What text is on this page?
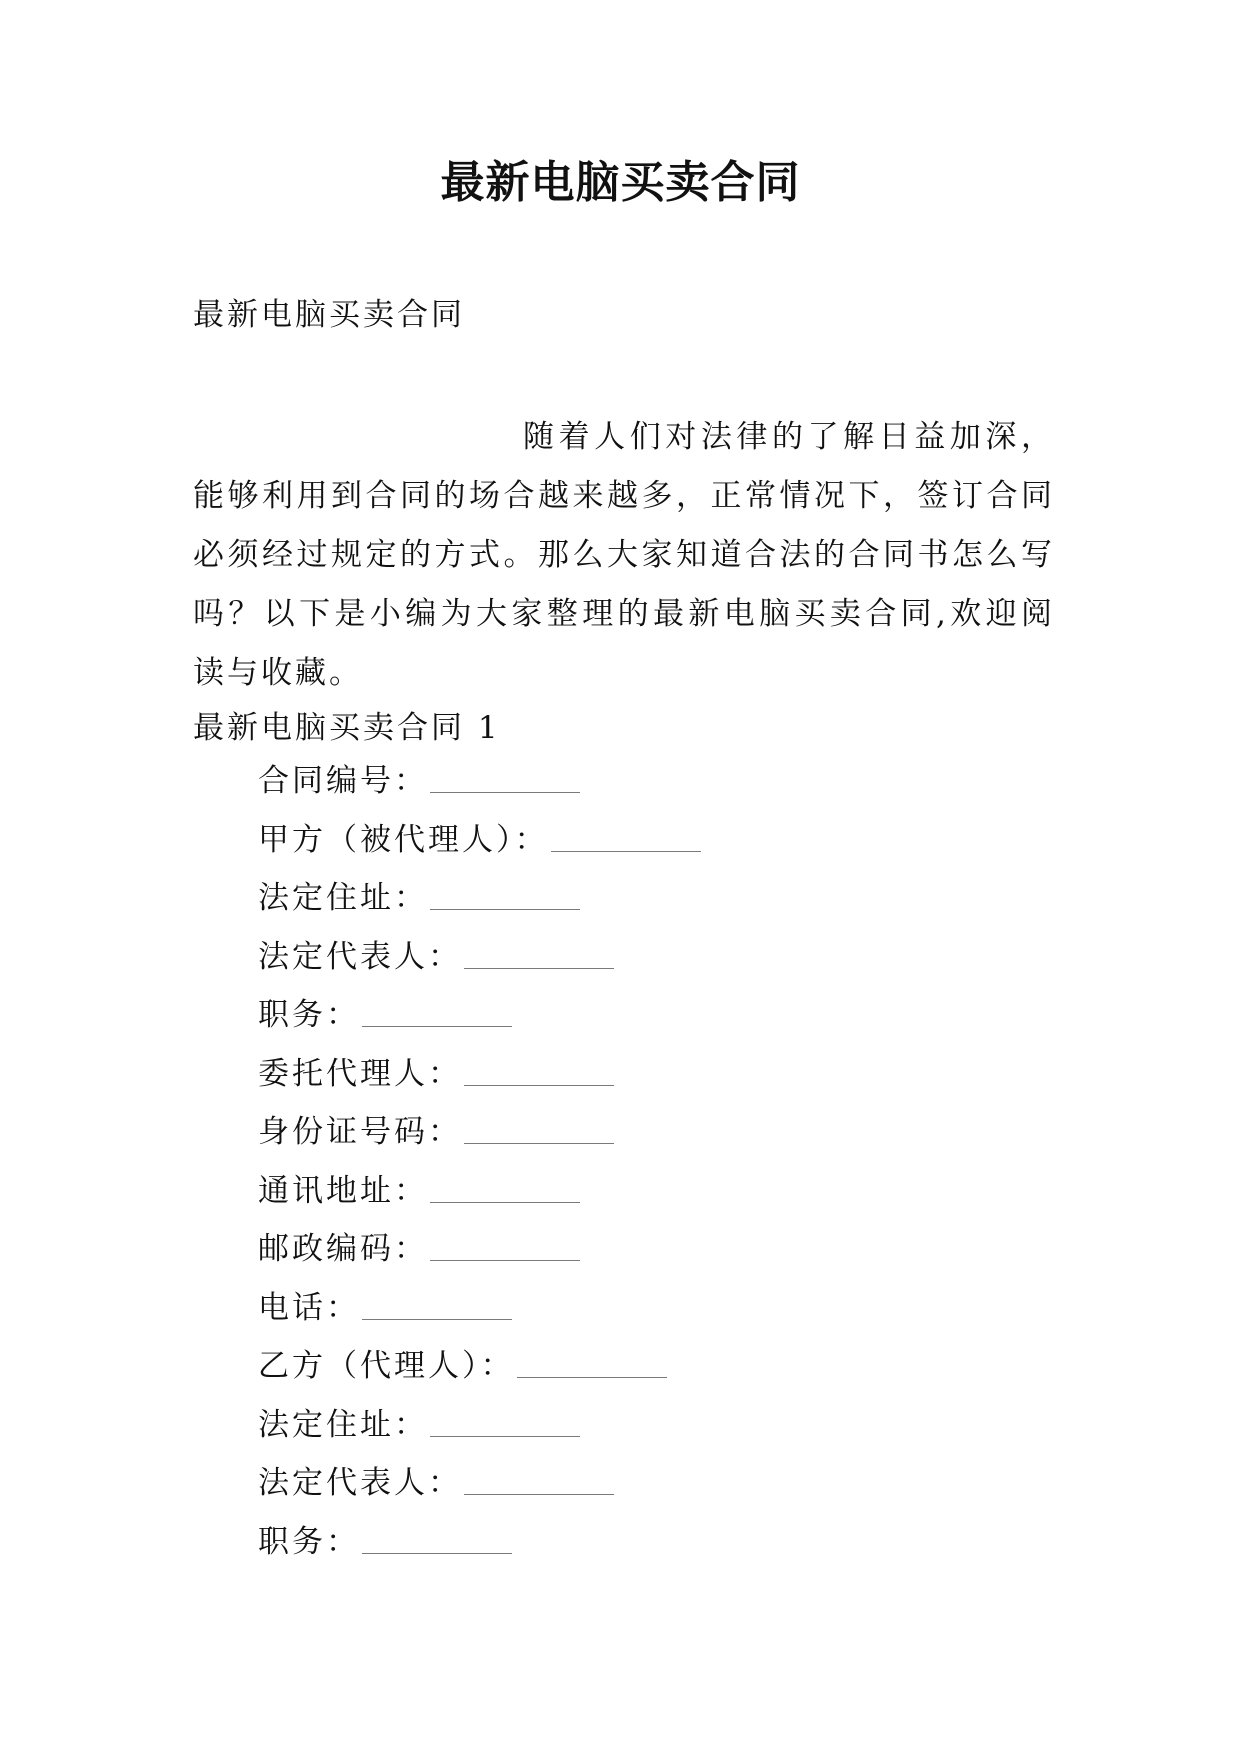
最新电脑买卖合同

最新电脑买卖合同

随着人们对法律的了解日益加深，能够利用到合同的场合越来越多，正常情况下，签订合同必须经过规定的方式。那么大家知道合法的合同书怎么写吗？以下是小编为大家整理的最新电脑买卖合同,欢迎阅读与收藏。

最新电脑买卖合同 1

合同编号：
甲方（被代理人）：
法定住址：
法定代表人：
职务：
委托代理人：
身份证号码：
通讯地址：
邮政编码：
电话：
乙方（代理人）：
法定住址：
法定代表人：
职务：
